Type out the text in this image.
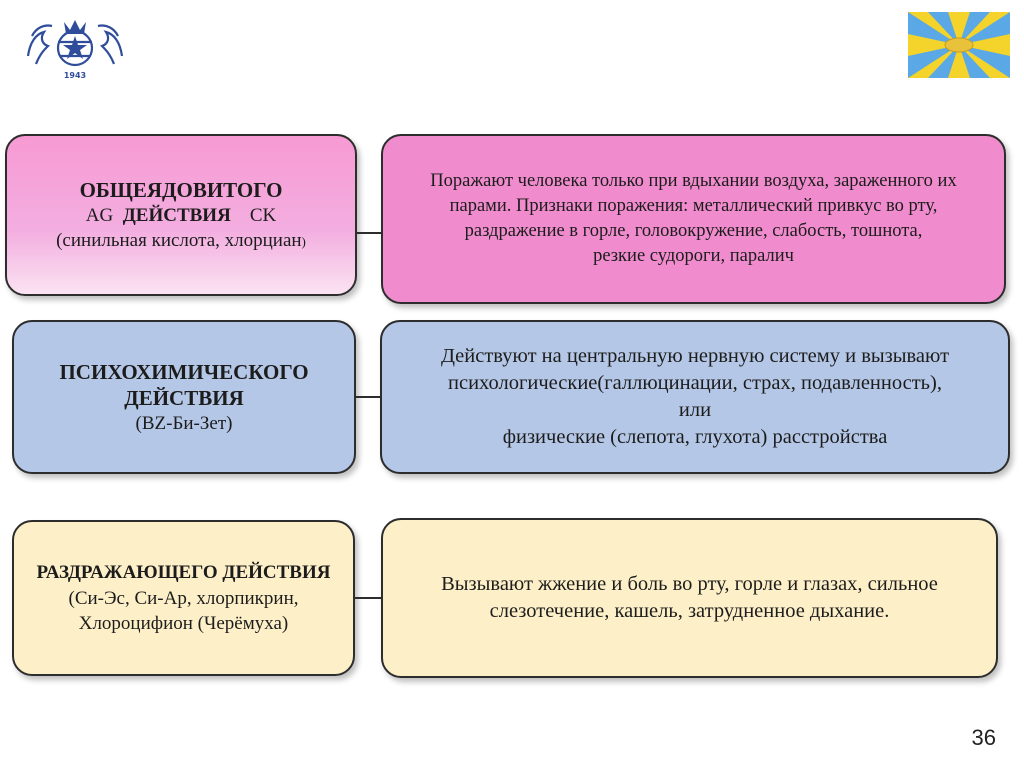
1943
ОБЩЕЯДОВИТОГО
AG ДЕЙСТВИЯ CK
(синильная кислота, хлорциан)
Поражают человека только при вдыхании воздуха, зараженного их
парами. Признаки поражения: металлический привкус во рту,
раздражение в горле, головокружение, слабость, тошнота,
резкие судороги, паралич
ПСИХОХИМИЧЕСКОГО
ДЕЙСТВИЯ
(BZ-Би-Зет)
Действуют на центральную нервную систему и вызывают
психологические(галлюцинации, страх, подавленность),
или
физические (слепота, глухота) расстройства
РАЗДРАЖАЮЩЕГО ДЕЙСТВИЯ
(Си-Эс, Си-Ар, хлорпикрин,
Хлороцифион (Черёмуха)
Вызывают жжение и боль во рту, горле и глазах, сильное
слезотечение, кашель, затрудненное дыхание.
36
